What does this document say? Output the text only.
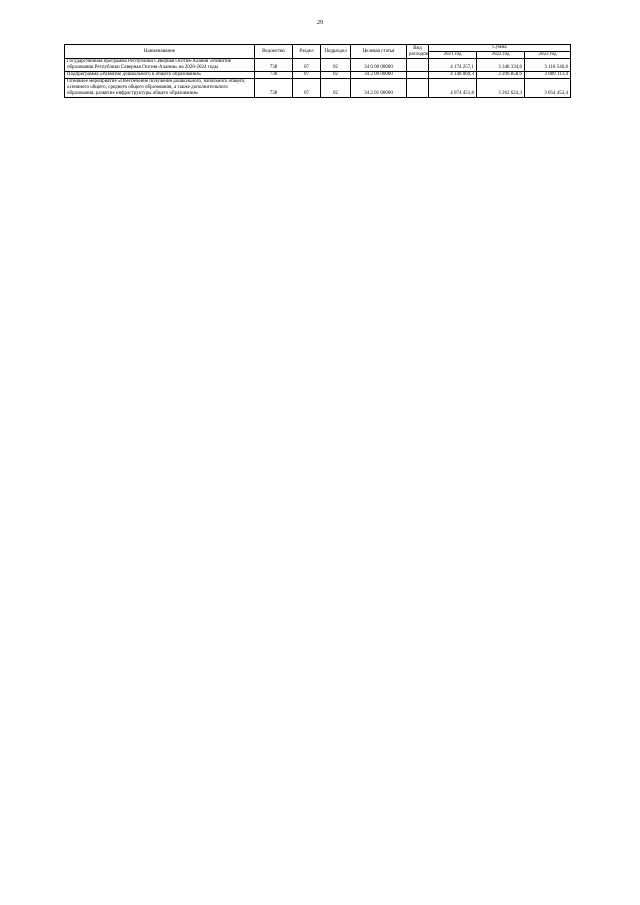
29
Наименование	Ведомство	Раздел	Подраздел	Целевая статья	Вид расходов	Сумма		
						2021 год	2022 год	2023 год
Государственная программа Республики Северная Осетия-Алания «Развитие образования Республики Северная Осетия-Алания» на 2020-2024 годы	738	07	02	34 0 00 00000		4 174 257,1	3 348 334,6	3 118 546,0
Подпрограмма «Развитие дошкольного и общего образования»	738	07	02	34 2 00 00000		4 148 069,3	3 296 858,6	3 089 113,4
Основное мероприятие «Обеспечение получения дошкольного, начального общего, основного общего, среднего общего образования, а также дополнительного образования, развитие инфраструктуры общего образования»	738	07	02	34 2 01 00000		4 074 451,8	3 262 624,3	3 054 452,4
